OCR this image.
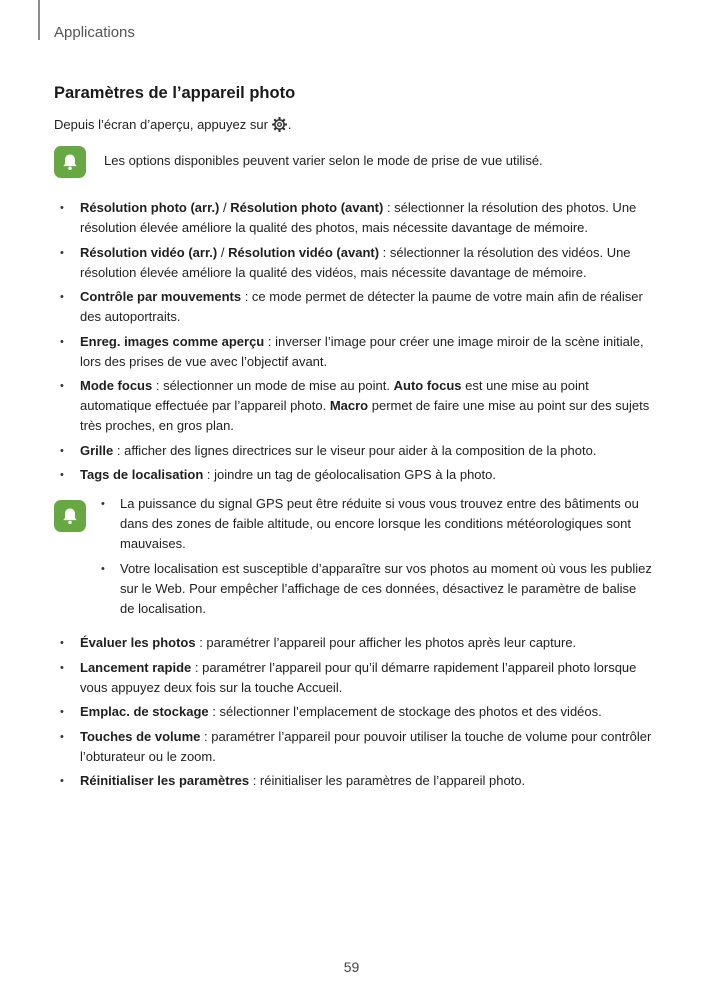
Applications
Paramètres de l’appareil photo
Depuis l’écran d’aperçu, appuyez sur .
Les options disponibles peuvent varier selon le mode de prise de vue utilisé.
• Résolution photo (arr.) / Résolution photo (avant) : sélectionner la résolution des photos. Une résolution élevée améliore la qualité des photos, mais nécessite davantage de mémoire.
• Résolution vidéo (arr.) / Résolution vidéo (avant) : sélectionner la résolution des vidéos. Une résolution élevée améliore la qualité des vidéos, mais nécessite davantage de mémoire.
• Contrôle par mouvements : ce mode permet de détecter la paume de votre main afin de réaliser des autoportraits.
• Enreg. images comme aperçu : inverser l’image pour créer une image miroir de la scène initiale, lors des prises de vue avec l’objectif avant.
• Mode focus : sélectionner un mode de mise au point. Auto focus est une mise au point automatique effectuée par l’appareil photo. Macro permet de faire une mise au point sur des sujets très proches, en gros plan.
• Grille : afficher des lignes directrices sur le viseur pour aider à la composition de la photo.
• Tags de localisation : joindre un tag de géolocalisation GPS à la photo.
• La puissance du signal GPS peut être réduite si vous vous trouvez entre des bâtiments ou dans des zones de faible altitude, ou encore lorsque les conditions météorologiques sont mauvaises.
• Votre localisation est susceptible d’apparaître sur vos photos au moment où vous les publiez sur le Web. Pour empêcher l’affichage de ces données, désactivez le paramètre de balise de localisation.
• Évaluer les photos : paramétrer l’appareil pour afficher les photos après leur capture.
• Lancement rapide : paramétrer l’appareil pour qu’il démarre rapidement l’appareil photo lorsque vous appuyez deux fois sur la touche Accueil.
• Emplac. de stockage : sélectionner l’emplacement de stockage des photos et des vidéos.
• Touches de volume : paramétrer l’appareil pour pouvoir utiliser la touche de volume pour contrôler l’obturateur ou le zoom.
• Réinitialiser les paramètres : réinitialiser les paramètres de l’appareil photo.
59
